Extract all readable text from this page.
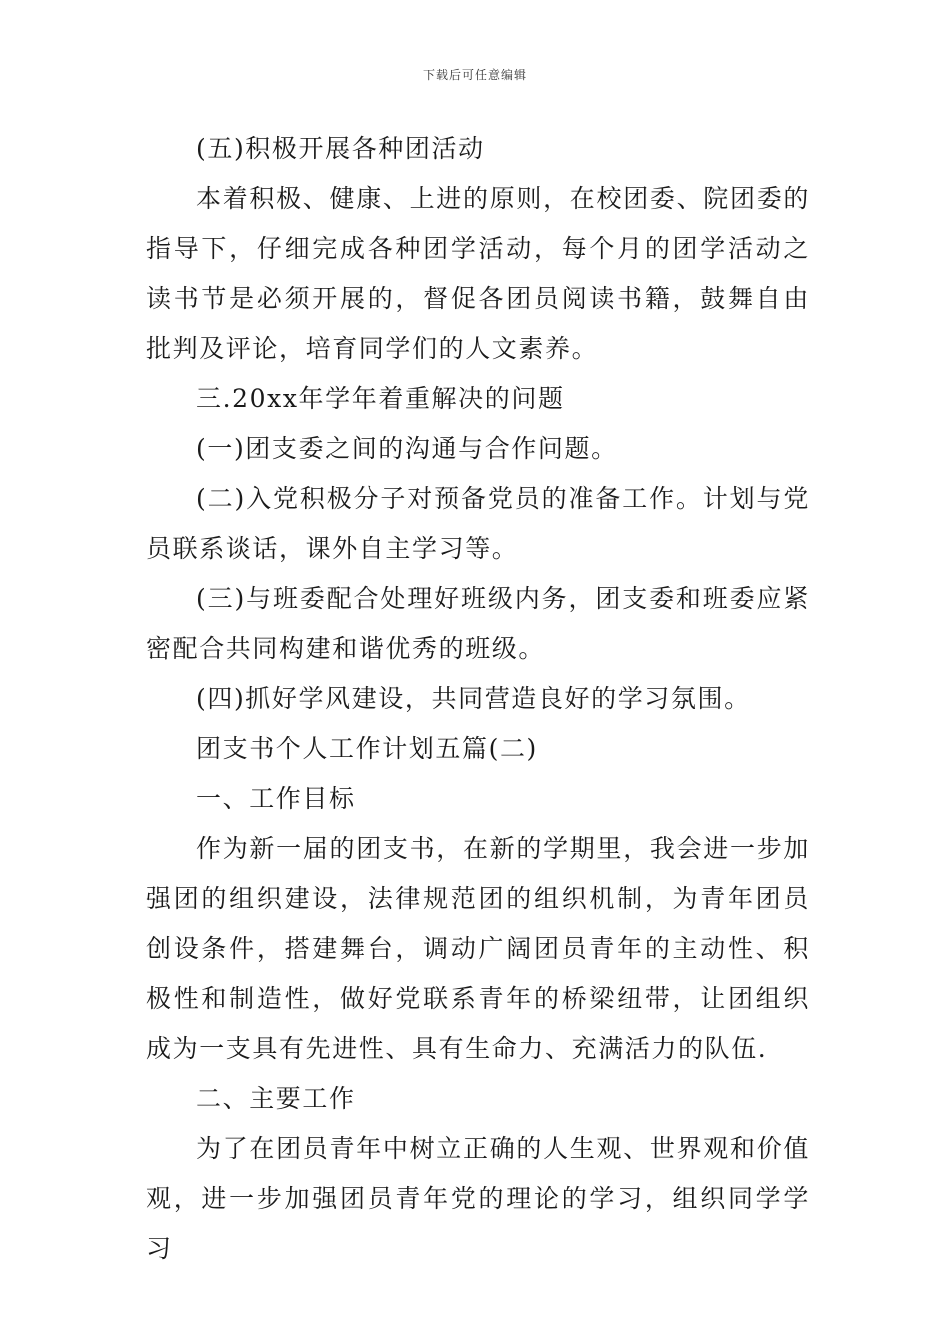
下载后可任意编辑

(五)积极开展各种团活动

本着积极、健康、上进的原则，在校团委、院团委的指导下，仔细完成各种团学活动，每个月的团学活动之读书节是必须开展的，督促各团员阅读书籍，鼓舞自由批判及评论，培育同学们的人文素养。

三.20xx年学年着重解决的问题

(一)团支委之间的沟通与合作问题。

(二)入党积极分子对预备党员的准备工作。计划与党员联系谈话，课外自主学习等。

(三)与班委配合处理好班级内务，团支委和班委应紧密配合共同构建和谐优秀的班级。

(四)抓好学风建设，共同营造良好的学习氛围。

团支书个人工作计划五篇(二)

一、工作目标

作为新一届的团支书，在新的学期里，我会进一步加强团的组织建设，法律规范团的组织机制，为青年团员创设条件，搭建舞台，调动广阔团员青年的主动性、积极性和制造性，做好党联系青年的桥梁纽带，让团组织成为一支具有先进性、具有生命力、充满活力的队伍.

二、主要工作

为了在团员青年中树立正确的人生观、世界观和价值观，进一步加强团员青年党的理论的学习，组织同学学习
